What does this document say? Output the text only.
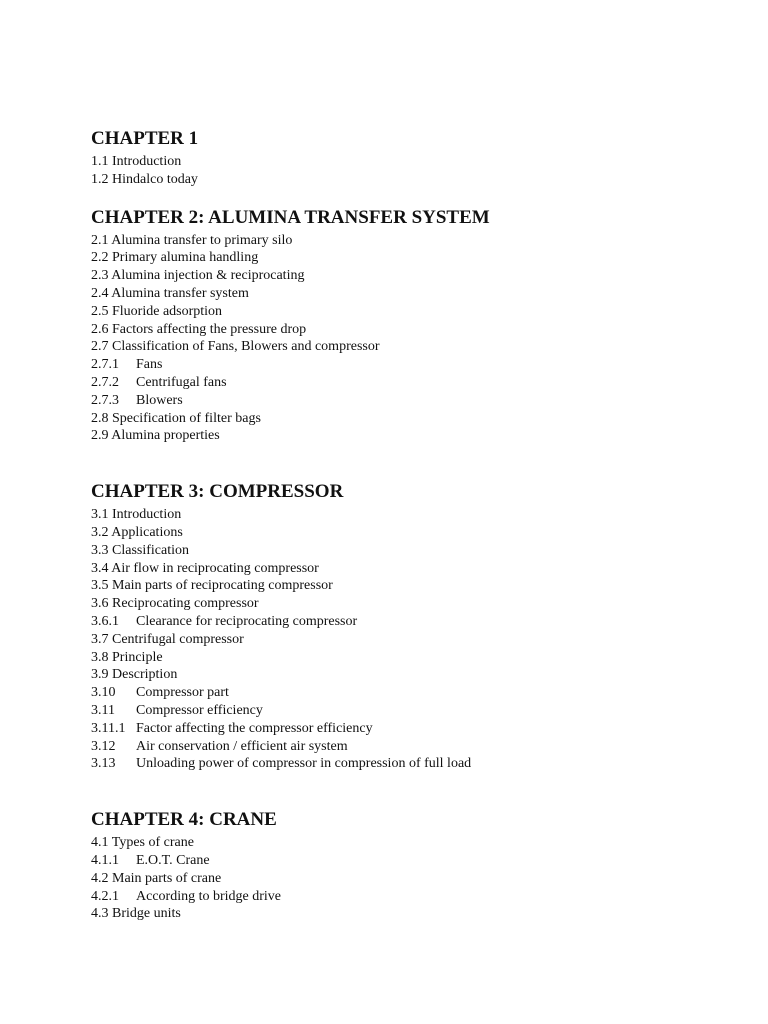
CHAPTER 1
1.1 Introduction
1.2 Hindalco today
CHAPTER 2: ALUMINA TRANSFER SYSTEM
2.1 Alumina transfer to primary silo
2.2 Primary alumina handling
2.3 Alumina injection & reciprocating
2.4 Alumina transfer system
2.5 Fluoride adsorption
2.6 Factors affecting the pressure drop
2.7 Classification of Fans, Blowers and compressor
2.7.1 Fans
2.7.2 Centrifugal fans
2.7.3 Blowers
2.8 Specification of filter bags
2.9 Alumina properties
CHAPTER 3: COMPRESSOR
3.1 Introduction
3.2 Applications
3.3 Classification
3.4 Air flow in reciprocating compressor
3.5 Main parts of reciprocating compressor
3.6 Reciprocating compressor
3.6.1 Clearance for reciprocating compressor
3.7 Centrifugal compressor
3.8 Principle
3.9 Description
3.10 Compressor part
3.11 Compressor efficiency
3.11.1 Factor affecting the compressor efficiency
3.12 Air conservation / efficient air system
3.13 Unloading power of compressor in compression of full load
CHAPTER 4: CRANE
4.1 Types of crane
4.1.1 E.O.T. Crane
4.2 Main parts of crane
4.2.1 According to bridge drive
4.3 Bridge units
